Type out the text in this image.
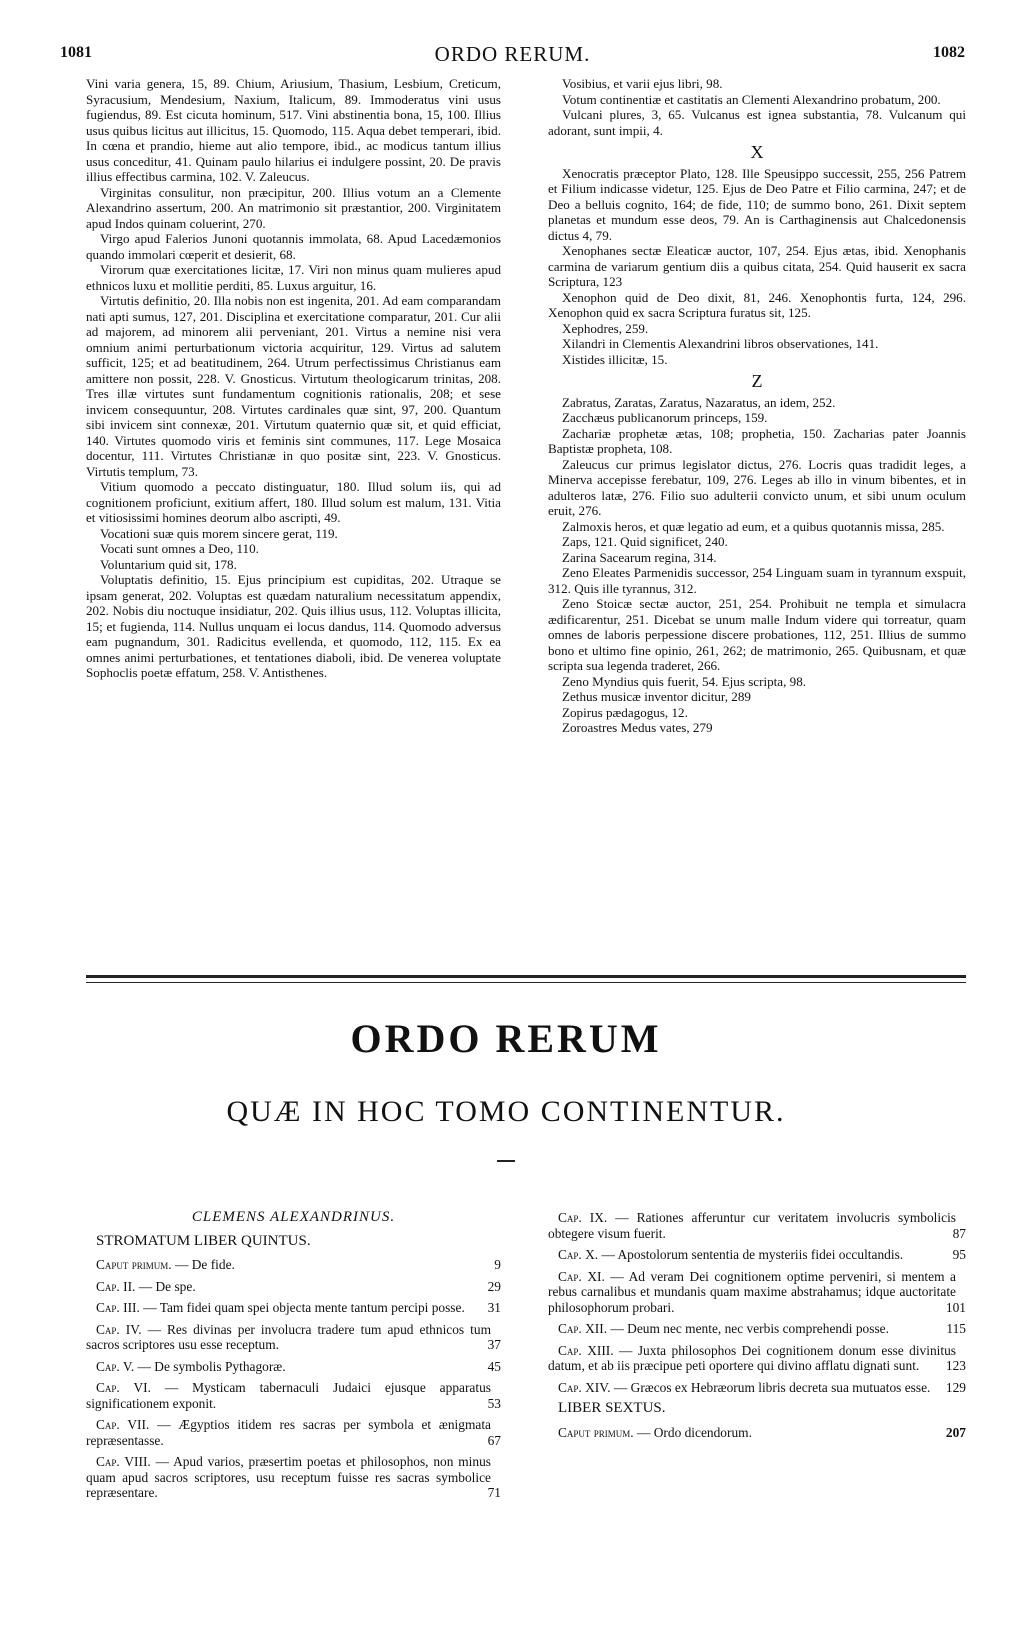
1081	ORDO RERUM.	1082

Vini varia genera, 15, 89. Chium, Ariusium, Thasium, Lesbium, Creticum, Syracusium, Mendesium, Naxium, Italicum, 89. Immoderatus vini usus fugiendus, 89. Est cicuta hominum, 517. Vini abstinentia bona, 15, 100. Illius usus quibus licitus aut illicitus, 15. Quomodo, 115. Aqua debet temperari, ibid. In cœna et prandio, hieme aut alio tempore, ibid., ac modicus tantum illius usus conceditur, 41. Quinam paulo hilarius ei indulgere possint, 20. De pravis illius effectibus carmina, 102. V. Zaleucus.

Virginitas consulitur, non præcipitur, 200. Illius votum an a Clemente Alexandrino assertum, 200. An matrimonio sit præstantior, 200. Virginitatem apud Indos quinam coluerint, 270.

Virgo apud Falerios Junoni quotannis immolata, 68. Apud Lacedæmonios quando immolari cœperit et desierit, 68.

Virorum quæ exercitationes licitæ, 17. Viri non minus quam mulieres apud ethnicos luxu et mollitie perditi, 85. Luxus arguitur, 16.

Virtutis definitio, 20. Illa nobis non est ingenita, 201. Ad eam comparandam nati apti sumus, 127, 201. Disciplina et exercitatione comparatur, 201. Cur alii ad majorem, ad minorem alii perveniant, 201. Virtus a nemine nisi vera omnium animi perturbationum victoria acquiritur, 129. Virtus ad salutem sufficit, 125; et ad beatitudinem, 264. Utrum perfectissimus Christianus eam amittere non possit, 228. V. Gnosticus. Virtutum theologicarum trinitas, 208. Tres illæ virtutes sunt fundamentum cognitionis rationalis, 208; et sese invicem consequuntur, 208. Virtutes cardinales quæ sint, 97, 200. Quantum sibi invicem sint connexæ, 201. Virtutum quaternio quæ sit, et quid efficiat, 140. Virtutes quomodo viris et feminis sint communes, 117. Lege Mosaica docentur, 111. Virtutes Christianæ in quo positæ sint, 223. V. Gnosticus. Virtutis templum, 73.

Vitium quomodo a peccato distinguatur, 180. Illud solum iis, qui ad cognitionem proficiunt, exitium affert, 180. Illud solum est malum, 131. Vitia et vitiosissimi homines deorum albo ascripti, 49.

Vocationi suæ quis morem sincere gerat, 119.

Vocati sunt omnes a Deo, 110.

Voluntarium quid sit, 178.

Voluptatis definitio, 15. Ejus principium est cupiditas, 202. Utraque se ipsam generat, 202. Voluptas est quædam naturalium necessitatum appendix, 202. Nobis diu noctuque insidiatur, 202. Quis illius usus, 112. Voluptas illicita, 15; et fugienda, 114. Nullus unquam ei locus dandus, 114. Quomodo adversus eam pugnandum, 301. Radicitus evellenda, et quomodo, 112, 115. Ex ea omnes animi perturbationes, et tentationes diaboli, ibid. De venerea voluptate Sophoclis poetæ effatum, 258. V. Antisthenes.

Vosibius, et varii ejus libri, 98.

Votum continentiæ et castitatis an Clementi Alexandrino probatum, 200.

Vulcani plures, 3, 65. Vulcanus est ignea substantia, 78. Vulcanum qui adorant, sunt impii, 4.

X

Xenocratis præceptor Plato, 128. Ille Speusippo successit, 255, 256 Patrem et Filium indicasse videtur, 125. Ejus de Deo Patre et Filio carmina, 247; et de Deo a belluis cognito, 164; de fide, 110; de summo bono, 261. Dixit septem planetas et mundum esse deos, 79. An is Carthaginensis aut Chalcedonensis dictus 4, 79.

Xenophanes sectæ Eleaticæ auctor, 107, 254. Ejus ætas, ibid. Xenophanis carmina de variarum gentium diis a quibus citata, 254. Quid hauserit ex sacra Scriptura, 123

Xenophon quid de Deo dixit, 81, 246. Xenophontis furta, 124, 296. Xenophon quid ex sacra Scriptura furatus sit, 125.

Xephodres, 259.

Xilandri in Clementis Alexandrini libros observationes, 141.

Xistides illicitæ, 15.

Z

Zabratus, Zaratas, Zaratus, Nazaratus, an idem, 252.

Zacchæus publicanorum princeps, 159.

Zachariæ prophetæ ætas, 108; prophetia, 150. Zacharias pater Joannis Baptistæ propheta, 108.

Zaleucus cur primus legislator dictus, 276. Locris quas tradidit leges, a Minerva accepisse ferebatur, 109, 276. Leges ab illo in vinum bibentes, et in adulteros latæ, 276. Filio suo adulterii convicto unum, et sibi unum oculum eruit, 276.

Zalmoxis heros, et quæ legatio ad eum, et a quibus quotannis missa, 285.

Zaps, 121. Quid significet, 240.

Zarina Sacearum regina, 314.

Zeno Eleates Parmenidis successor, 254 Linguam suam in tyrannum exspuit, 312. Quis ille tyrannus, 312.

Zeno Stoicæ sectæ auctor, 251, 254. Prohibuit ne templa et simulacra ædificarentur, 251. Dicebat se unum malle Indum videre qui torreatur, quam omnes de laboris perpessione discere probationes, 112, 251. Illius de summo bono et ultimo fine opinio, 261, 262; de matrimonio, 265. Quibusnam, et quæ scripta sua legenda traderet, 266.

Zeno Myndius quis fuerit, 54. Ejus scripta, 98.

Zethus musicæ inventor dicitur, 289

Zopirus pædagogus, 12.

Zoroastres Medus vates, 279

ORDO RERUM
QUÆ IN HOC TOMO CONTINENTUR.
CLEMENS ALEXANDRINUS.
STROMATUM LIBER QUINTUS.
Caput primum. — De fide.	9
Cap. II. — De spe.	29
Cap. III. — Tam fidei quam spei objecta mente tantum percipi posse. 31
Cap. IV. — Res divinas per involucra tradere tum apud ethnicos tum sacros scriptores usu esse receptum.	37
Cap. V. — De symbolis Pythagoræ.	45
Cap. VI. — Mysticam tabernaculi Judaici ejusque apparatus significationem exponit.	53
Cap. VII. — Ægyptios itidem res sacras per symbola et ænigmata repræsentasse.	67
Cap. VIII. — Apud varios, præsertim poetas et philosophos, non minus quam apud sacros scriptores, usu receptum fuisse res sacras symbolice repræsentare.	71
Cap. IX. — Rationes afferuntur cur veritatem involucris symbolicis obtegere visum fuerit.	87
Cap. X. — Apostolorum sententia de mysteriis fidei occultandis.	95
Cap. XI. — Ad veram Dei cognitionem optime perveniri, si mentem a rebus carnalibus et mundanis quam maxime abstrahamus; idque auctoritate philosophorum probari.	101
Cap. XII. — Deum nec mente, nec verbis comprehendi posse.	115
Cap. XIII. — Juxta philosophos Dei cognitionem donum esse divinitus datum, et ab iis præcipue peti oportere qui divino afflatu dignati sunt. 123
Cap. XIV. — Græcos ex Hebræorum libris decreta sua mutuatos esse. 129
LIBER SEXTUS.
Caput primum. — Ordo dicendorum.	207
